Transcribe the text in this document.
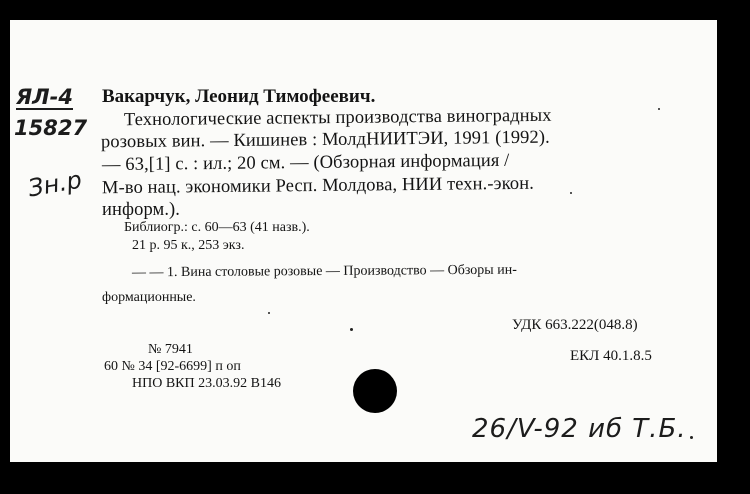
ЯЛ-4
15827
Зн.р
Вакарчук, Леонид Тимофеевич.
Технологические аспекты производства виноградных
розовых вин. — Кишинев : МолдНИИТЭИ, 1991 (1992).
— 63,[1] с. : ил.; 20 см. — (Обзорная информация /
М-во нац. экономики Респ. Молдова, НИИ техн.-экон.
информ.).
Библиогр.: с. 60—63 (41 назв.).
21 р. 95 к., 253 экз.
— — 1. Вина столовые розовые — Производство — Обзоры ин-
формационные.
УДК 663.222(048.8)
№ 7941
60 № 34 [92-6699] п оп
НПО ВКП 23.03.92 В146
ЕКЛ 40.1.8.5
26/V-92 иб Т.Б.
